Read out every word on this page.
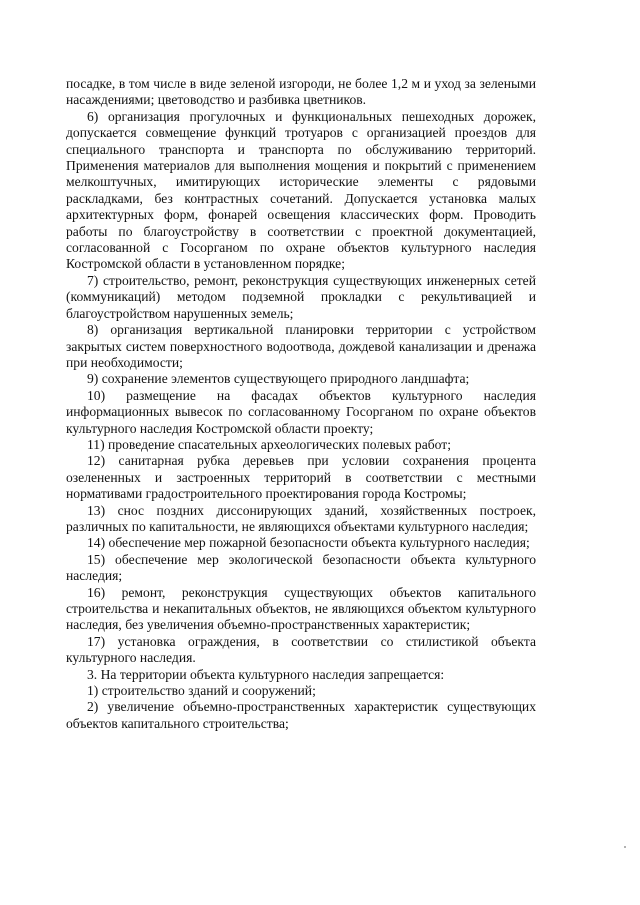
посадке, в том числе в виде зеленой изгороди, не более 1,2 м и уход за зелеными насаждениями; цветоводство и разбивка цветников.

6) организация прогулочных и функциональных пешеходных дорожек, допускается совмещение функций тротуаров с организацией проездов для специального транспорта и транспорта по обслуживанию территорий. Применения материалов для выполнения мощения и покрытий с применением мелкоштучных, имитирующих исторические элементы с рядовыми раскладками, без контрастных сочетаний. Допускается установка малых архитектурных форм, фонарей освещения классических форм. Проводить работы по благоустройству в соответствии с проектной документацией, согласованной с Госорганом по охране объектов культурного наследия Костромской области в установленном порядке;

7) строительство, ремонт, реконструкция существующих инженерных сетей (коммуникаций) методом подземной прокладки с рекультивацией и благоустройством нарушенных земель;

8) организация вертикальной планировки территории с устройством закрытых систем поверхностного водоотвода, дождевой канализации и дренажа при необходимости;

9) сохранение элементов существующего природного ландшафта;

10) размещение на фасадах объектов культурного наследия информационных вывесок по согласованному Госорганом по охране объектов культурного наследия Костромской области проекту;

11) проведение спасательных археологических полевых работ;

12) санитарная рубка деревьев при условии сохранения процента озелененных и застроенных территорий в соответствии с местными нормативами градостроительного проектирования города Костромы;

13) снос поздних диссонирующих зданий, хозяйственных построек, различных по капитальности, не являющихся объектами культурного наследия;

14) обеспечение мер пожарной безопасности объекта культурного наследия;

15) обеспечение мер экологической безопасности объекта культурного наследия;

16) ремонт, реконструкция существующих объектов капитального строительства и некапитальных объектов, не являющихся объектом культурного наследия, без увеличения объемно-пространственных характеристик;

17) установка ограждения, в соответствии со стилистикой объекта культурного наследия.

3. На территории объекта культурного наследия запрещается:

1) строительство зданий и сооружений;

2) увеличение объемно-пространственных характеристик существующих объектов капитального строительства;
